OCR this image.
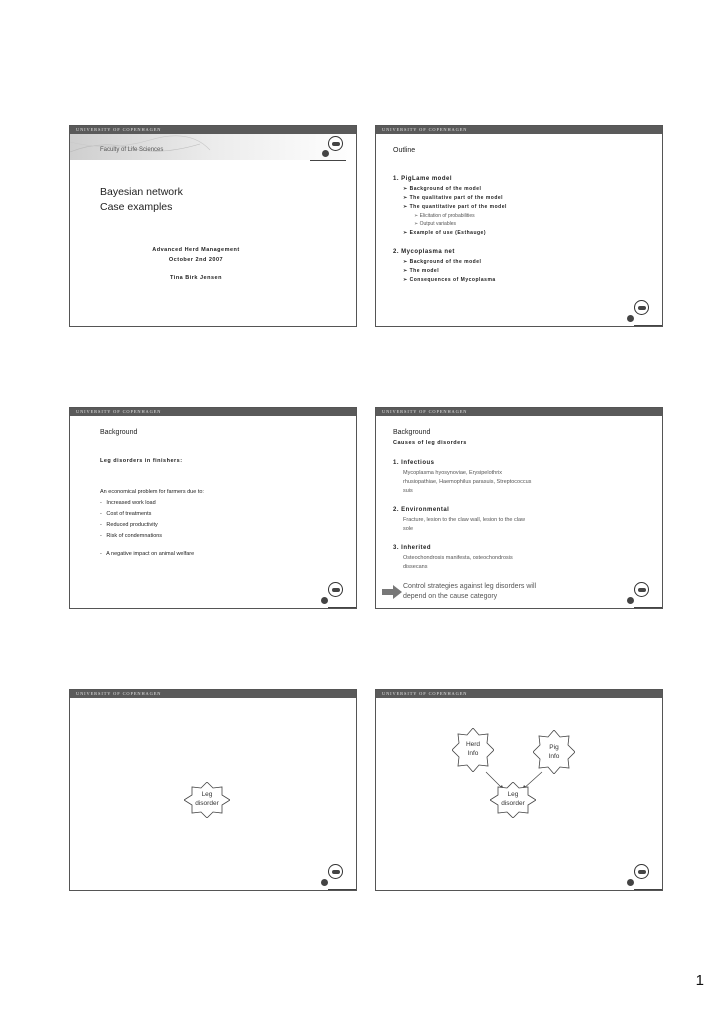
UNIVERSITY OF COPENHAGEN
Faculty of Life Sciences
Bayesian network
Case examples
Advanced Herd Management
October 2nd 2007
Tina Birk Jensen
UNIVERSITY OF COPENHAGEN
Outline
1. PigLame model
➢ Background of the model
➢ The qualitative part of the model
➢ The quantitative part of the model
➢ Elicitation of probabilities
➢ Output variables
➢ Example of use (Esthauge)
2. Mycoplasma net
➢ Background of the model
➢ The model
➢ Consequences of Mycoplasma
UNIVERSITY OF COPENHAGEN
Background
Leg disorders in finishers:
An economical problem for farmers due to:
-   Increased work load
-   Cost of treatments
-   Reduced productivity
-   Risk of condemnations
-   A negative impact on animal welfare
UNIVERSITY OF COPENHAGEN
Background
Causes of leg disorders
1. Infectious
Mycoplasma hyosynoviae, Erysipelothrix
rhusiopathiae, Haemophilus parasuis, Streptococcus
suis
2. Environmental
Fracture, lesion to the claw wall, lesion to the claw
sole
3. Inherited
Osteochondrosis manifesta, osteochondrosis
dissecans
Control strategies against leg disorders will
depend on the cause category
UNIVERSITY OF COPENHAGEN
Leg
disorder
UNIVERSITY OF COPENHAGEN
Herd
Info
Pig
Info
Leg
disorder
1
